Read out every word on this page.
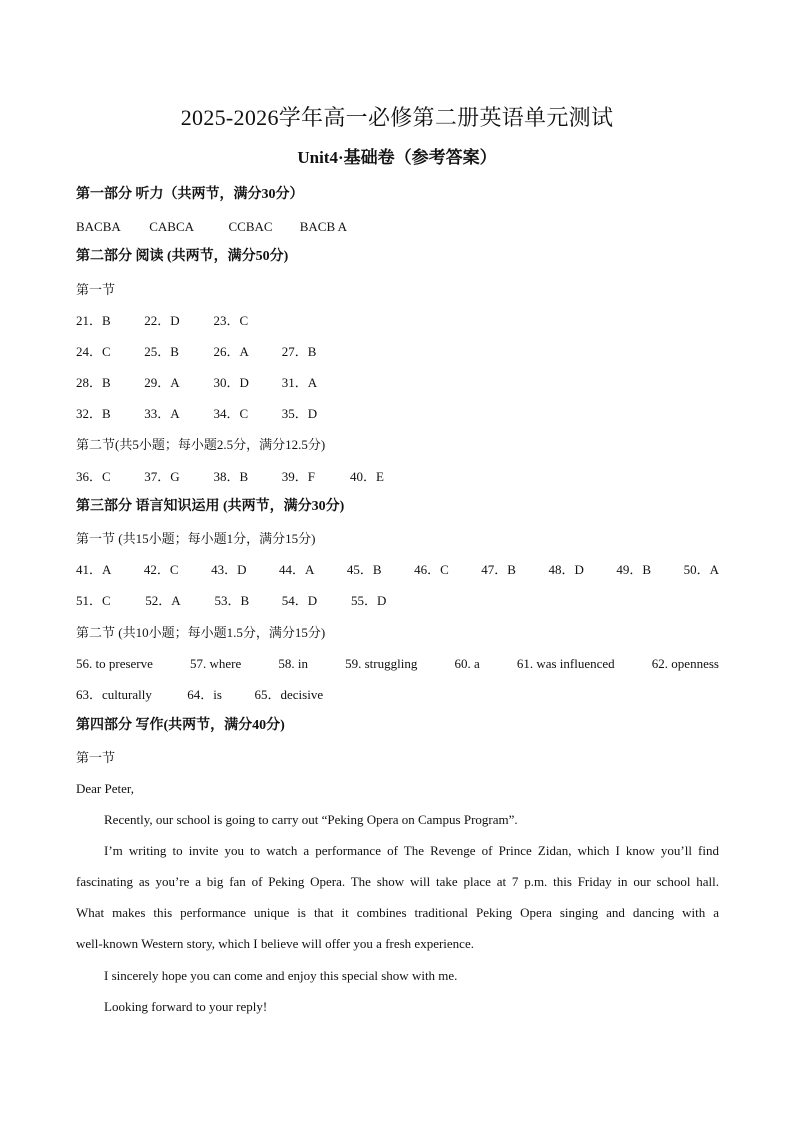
2025-2026学年高一必修第二册英语单元测试
Unit4·基础卷（参考答案）
第一部分 听力（共两节，满分30分）
BACBA CABCA	CCBAC BACB A
第二部分 阅读 (共两节，满分50分)
第一节
21．B	22．D	23．C
24．C	25．B	26．A	27．B
28．B	29．A	30．D	31．A
32．B	33．A	34．C	35．D
第二节(共5小题；每小题2.5分，满分12.5分)
36．C	37．G	38．B	39．F	40．E
第三部分 语言知识运用 (共两节，满分30分)
第一节 (共15小题；每小题1分，满分15分)
41．A	42．C	43．D	44．A	45．B	46．C	47．B	48．D	49．B	50．A
51．C	52．A	53．B	54．D	55．D
第二节 (共10小题；每小题1.5分，满分15分)
56. to preserve	57. where	58. in	59. struggling	60. a	61. was influenced	62. openness
63．culturally	64．is	65．decisive
第四部分 写作(共两节，满分40分)
第一节
Dear Peter,
Recently, our school is going to carry out “Peking Opera on Campus Program”.
I’m writing to invite you to watch a performance of The Revenge of Prince Zidan, which I know you’ll find
fascinating as you’re a big fan of Peking Opera. The show will take place at 7 p.m. this Friday in our school hall.
What makes this performance unique is that it combines traditional Peking Opera singing and dancing with a
well-known Western story, which I believe will offer you a fresh experience.
I sincerely hope you can come and enjoy this special show with me.
Looking forward to your reply!
